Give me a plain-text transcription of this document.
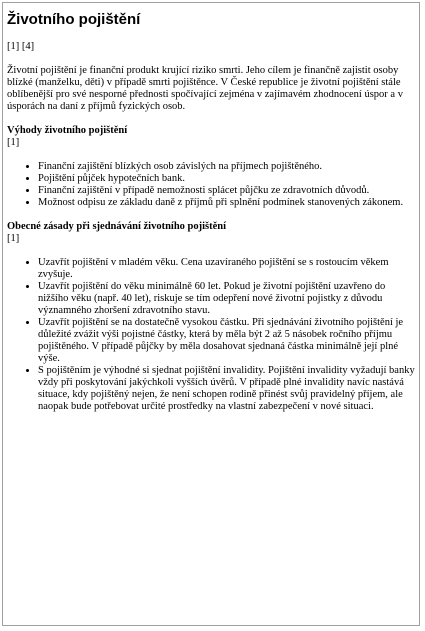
Životního pojištění
[1] [4]

Životní pojištění je finanční produkt krující riziko smrti. Jeho cílem je finančně zajistit osoby blízké (manželku, děti) v případě smrti pojištěnce. V České republice je životní pojištění stále oblíbenější pro své nesporné přednosti spočívající zejména v zajímavém zhodnocení úspor a v úsporách na daní z příjmů fyzických osob.

Výhody životního pojištění
[1]
• Finanční zajištění blízkých osob závislých na příjmech pojištěného.
• Pojištění půjček hypotečních bank.
• Finanční zajištění v případě nemožnosti splácet půjčku ze zdravotních důvodů.
• Možnost odpisu ze základu daně z příjmů při splnění podmínek stanovených zákonem.
Obecné zásady při sjednávání životního pojištění
[1]
• Uzavřít pojištění v mladém věku. Cena uzavíraného pojištění se s rostoucím věkem zvyšuje.
• Uzavřít pojištění do věku minimálně 60 let. Pokud je životní pojištění uzavřeno do nižšího věku (např. 40 let), riskuje se tím odepření nové životní pojistky z důvodu významného zhoršení zdravotního stavu.
• Uzavřít pojištění se na dostatečně vysokou částku. Při sjednávání životního pojištění je důležité zvážit výši pojistné částky, která by měla být 2 až 5 násobek ročního příjmu pojištěného. V případě půjčky by měla dosahovat sjednaná částka minimálně její plné výše.
• S pojištěním je výhodné si sjednat pojištění invalidity. Pojištění invalidity vyžadují banky vždy při poskytování jakýchkoli vyšších úvěrů. V případě plné invalidity navíc nastává situace, kdy pojištěný nejen, že není schopen rodině přinést svůj pravidelný příjem, ale naopak bude potřebovat určité prostředky na vlastní zabezpečení v nové situaci.
